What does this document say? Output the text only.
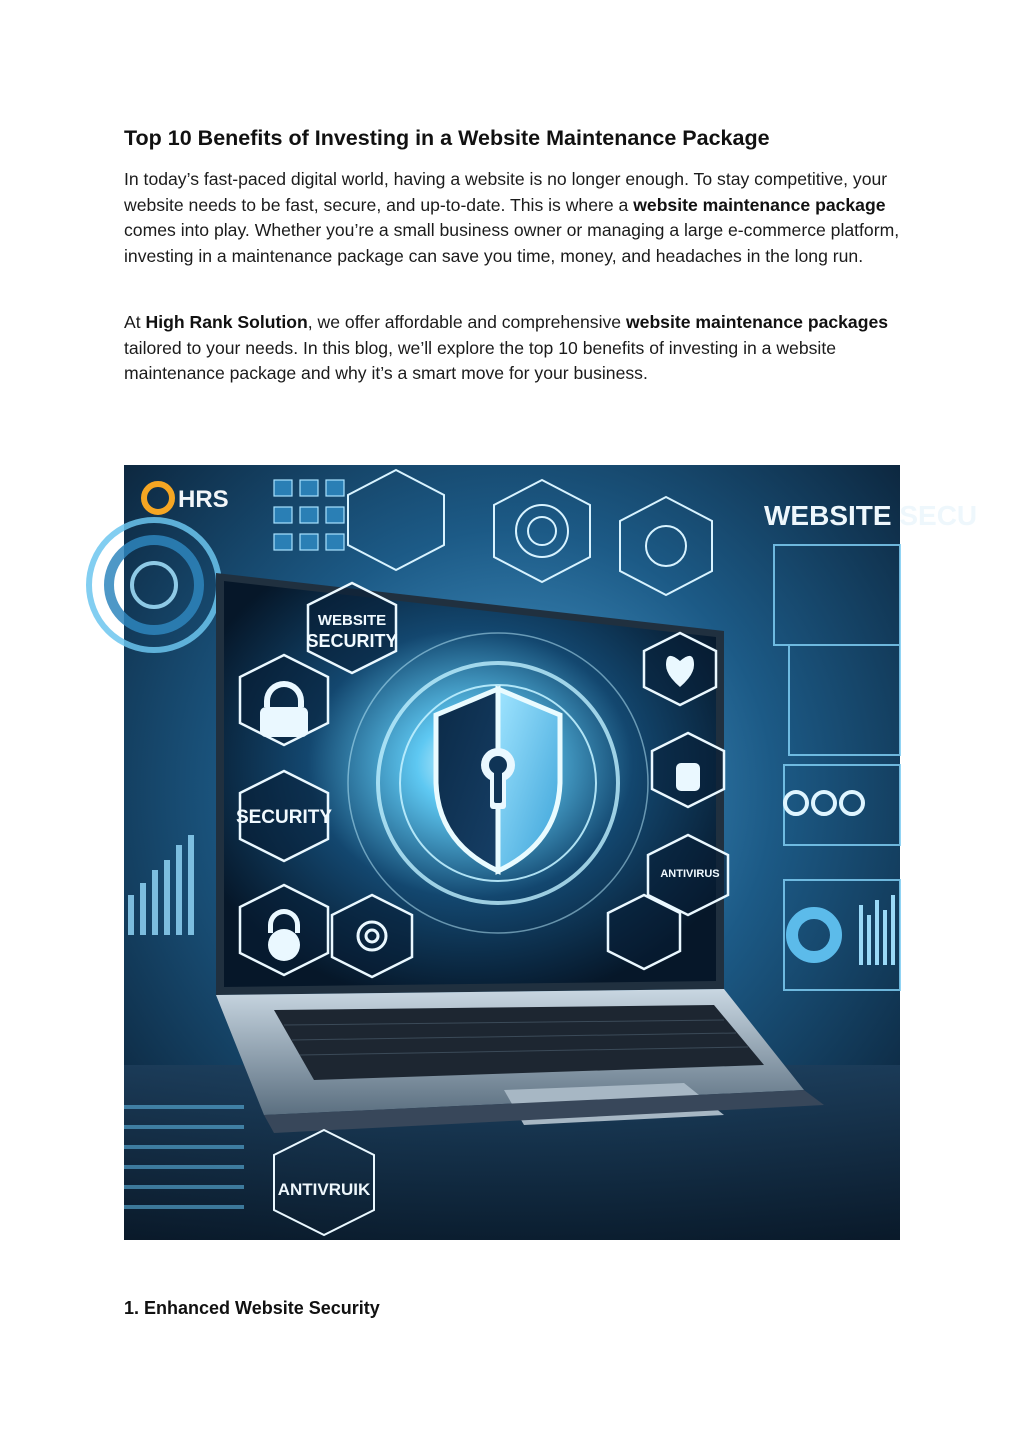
Top 10 Benefits of Investing in a Website Maintenance Package

In today’s fast-paced digital world, having a website is no longer enough. To stay competitive, your website needs to be fast, secure, and up-to-date. This is where a website maintenance package comes into play. Whether you’re a small business owner or managing a large e-commerce platform, investing in a maintenance package can save you time, money, and headaches in the long run.

At High Rank Solution, we offer affordable and comprehensive website maintenance packages tailored to your needs. In this blog, we’ll explore the top 10 benefits of investing in a website maintenance package and why it’s a smart move for your business.

HRS
WEBSITE SECU
WEBSITE
SECURITY
SECURITY
ANTIVIRUS
ANTIVRUIK
1. Enhanced Website Security
